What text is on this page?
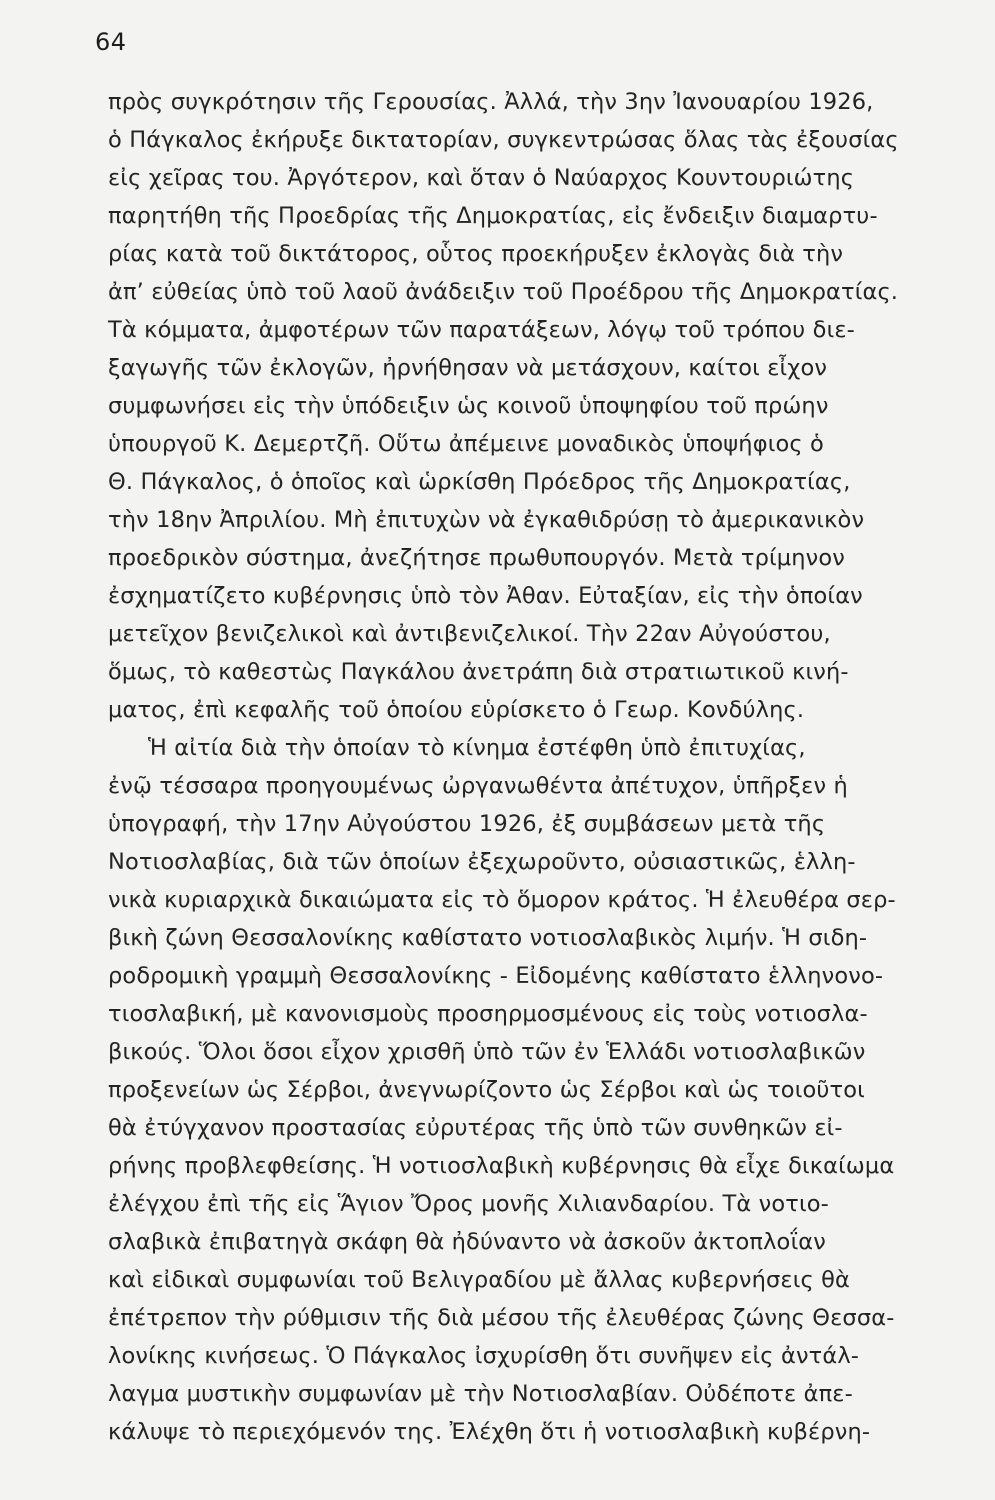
64
πρὸς συγκρότησιν τῆς Γερουσίας. Ἀλλά, τὴν 3ην Ἰανουαρίου 1926,
ὁ Πάγκαλος ἐκήρυξε δικτατορίαν, συγκεντρώσας ὅλας τὰς ἐξουσίας
εἰς χεῖρας του. Ἀργότερον, καὶ ὅταν ὁ Ναύαρχος Κουντουριώτης
παρητήθη τῆς Προεδρίας τῆς Δημοκρατίας, εἰς ἔνδειξιν διαμαρτυ-
ρίας κατὰ τοῦ δικτάτορος, οὗτος προεκήρυξεν ἐκλογὰς διὰ τὴν
ἀπ’ εὐθείας ὑπὸ τοῦ λαοῦ ἀνάδειξιν τοῦ Προέδρου τῆς Δημοκρατίας.
Τὰ κόμματα, ἀμφοτέρων τῶν παρατάξεων, λόγῳ τοῦ τρόπου διε-
ξαγωγῆς τῶν ἐκλογῶν, ἠρνήθησαν νὰ μετάσχουν, καίτοι εἶχον
συμφωνήσει εἰς τὴν ὑπόδειξιν ὡς κοινοῦ ὑποψηφίου τοῦ πρώην
ὑπουργοῦ Κ. Δεμερτζῆ. Οὕτω ἀπέμεινε μοναδικὸς ὑποψήφιος ὁ
Θ. Πάγκαλος, ὁ ὁποῖος καὶ ὡρκίσθη Πρόεδρος τῆς Δημοκρατίας,
τὴν 18ην Ἀπριλίου. Μὴ ἐπιτυχὼν νὰ ἐγκαθιδρύσῃ τὸ ἀμερικανικὸν
προεδρικὸν σύστημα, ἀνεζήτησε πρωθυπουργόν. Μετὰ τρίμηνον
ἐσχηματίζετο κυβέρνησις ὑπὸ τὸν Ἀθαν. Εὐταξίαν, εἰς τὴν ὁποίαν
μετεῖχον βενιζελικοὶ καὶ ἀντιβενιζελικοί. Τὴν 22αν Αὐγούστου,
ὅμως, τὸ καθεστὼς Παγκάλου ἀνετράπη διὰ στρατιωτικοῦ κινή-
ματος, ἐπὶ κεφαλῆς τοῦ ὁποίου εὑρίσκετο ὁ Γεωρ. Κονδύλης.
Ἡ αἰτία διὰ τὴν ὁποίαν τὸ κίνημα ἐστέφθη ὑπὸ ἐπιτυχίας,
ἐνῷ τέσσαρα προηγουμένως ὠργανωθέντα ἀπέτυχον, ὑπῆρξεν ἡ
ὑπογραφή, τὴν 17ην Αὐγούστου 1926, ἐξ συμβάσεων μετὰ τῆς
Νοτιοσλαβίας, διὰ τῶν ὁποίων ἐξεχωροῦντο, οὐσιαστικῶς, ἑλλη-
νικὰ κυριαρχικὰ δικαιώματα εἰς τὸ ὅμορον κράτος. Ἡ ἐλευθέρα σερ-
βικὴ ζώνη Θεσσαλονίκης καθίστατο νοτιοσλαβικὸς λιμήν. Ἡ σιδη-
ροδρομικὴ γραμμὴ Θεσσαλονίκης - Εἰδομένης καθίστατο ἑλληνονο-
τιοσλαβική, μὲ κανονισμοὺς προσηρμοσμένους εἰς τοὺς νοτιοσλα-
βικούς. Ὅλοι ὅσοι εἶχον χρισθῆ ὑπὸ τῶν ἐν Ἑλλάδι νοτιοσλαβικῶν
προξενείων ὡς Σέρβοι, ἀνεγνωρίζοντο ὡς Σέρβοι καὶ ὡς τοιοῦτοι
θὰ ἐτύγχανον προστασίας εὐρυτέρας τῆς ὑπὸ τῶν συνθηκῶν εἰ-
ρήνης προβλεφθείσης. Ἡ νοτιοσλαβικὴ κυβέρνησις θὰ εἶχε δικαίωμα
ἐλέγχου ἐπὶ τῆς εἰς Ἅγιον Ὄρος μονῆς Χιλιανδαρίου. Τὰ νοτιο-
σλαβικὰ ἐπιβατηγὰ σκάφη θὰ ἠδύναντο νὰ ἀσκοῦν ἀκτοπλοΐαν
καὶ εἰδικαὶ συμφωνίαι τοῦ Βελιγραδίου μὲ ἄλλας κυβερνήσεις θὰ
ἐπέτρεπον τὴν ρύθμισιν τῆς διὰ μέσου τῆς ἐλευθέρας ζώνης Θεσσα-
λονίκης κινήσεως. Ὁ Πάγκαλος ἰσχυρίσθη ὅτι συνῆψεν εἰς ἀντάλ-
λαγμα μυστικὴν συμφωνίαν μὲ τὴν Νοτιοσλαβίαν. Οὐδέποτε ἀπε-
κάλυψε τὸ περιεχόμενόν της. Ἐλέχθη ὅτι ἡ νοτιοσλαβικὴ κυβέρνη-
